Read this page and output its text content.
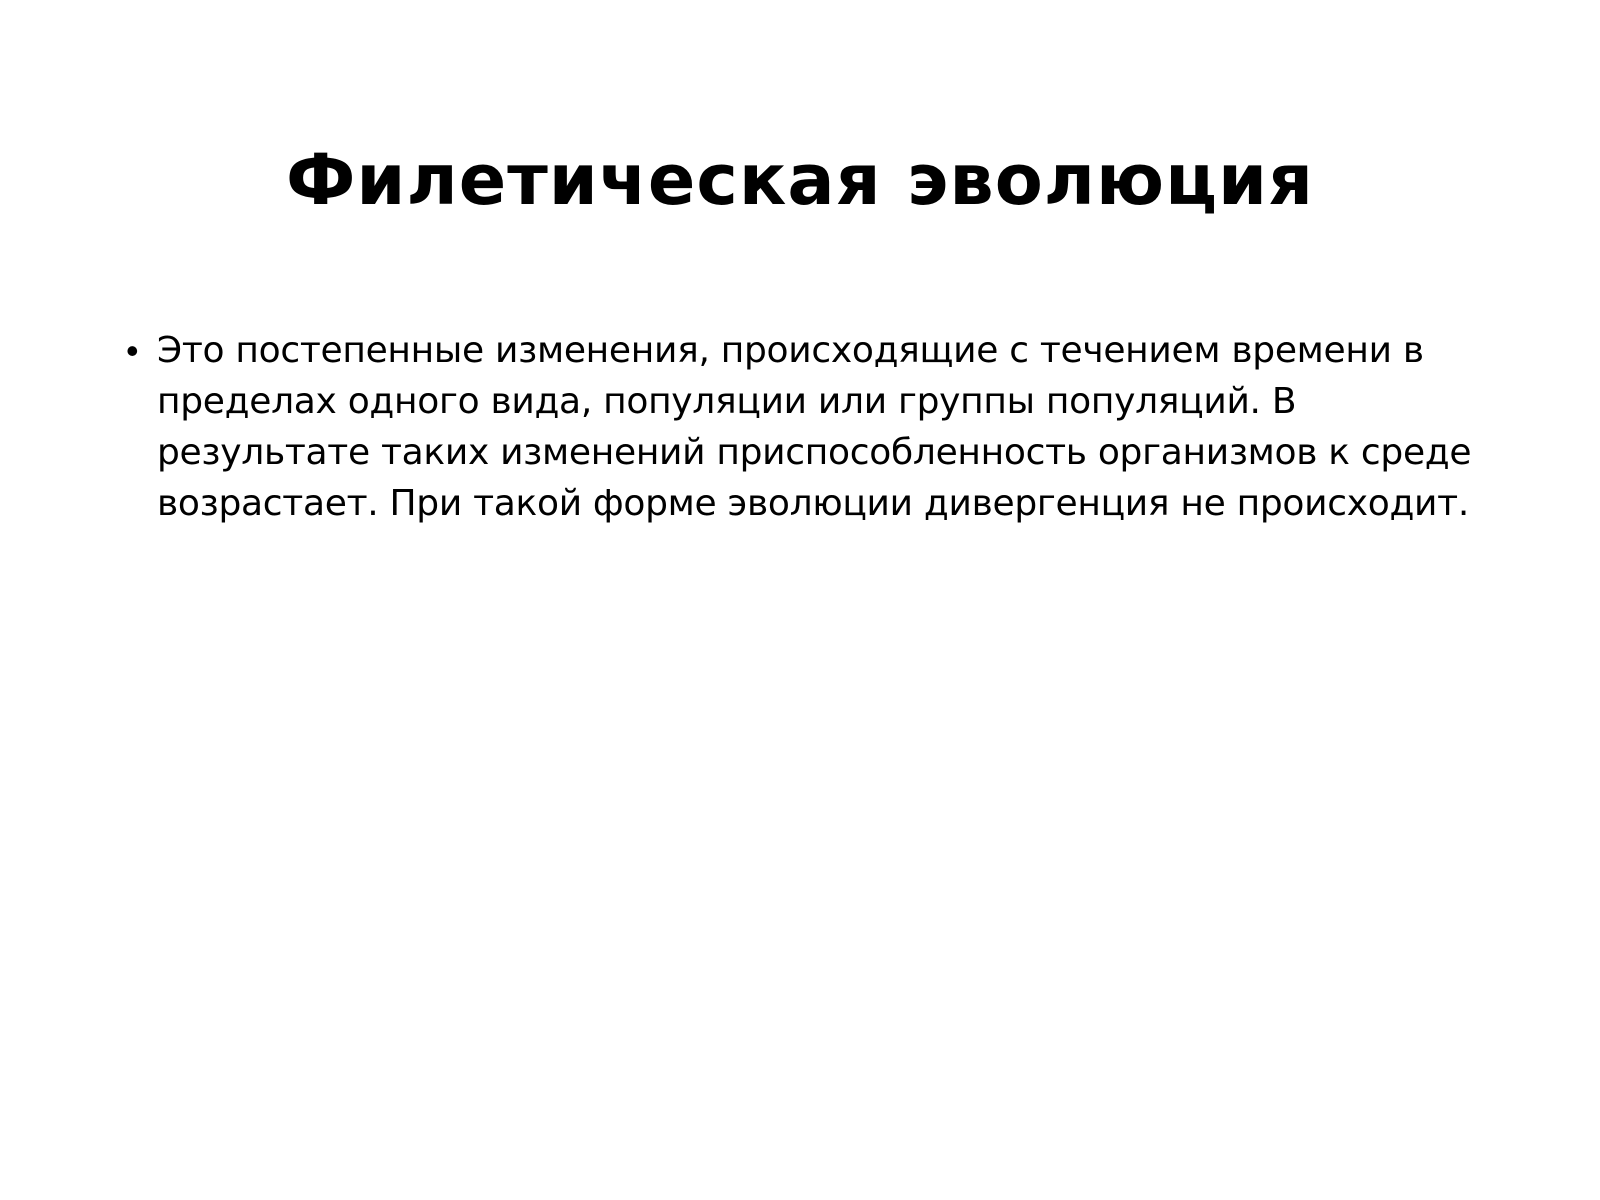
Филетическая эволюция
• Это постепенные изменения, происходящие с течением времени в пределах одного вида, популяции или группы популяций. В результате таких изменений приспособленность организмов к среде возрастает. При такой форме эволюции дивергенция не происходит.
